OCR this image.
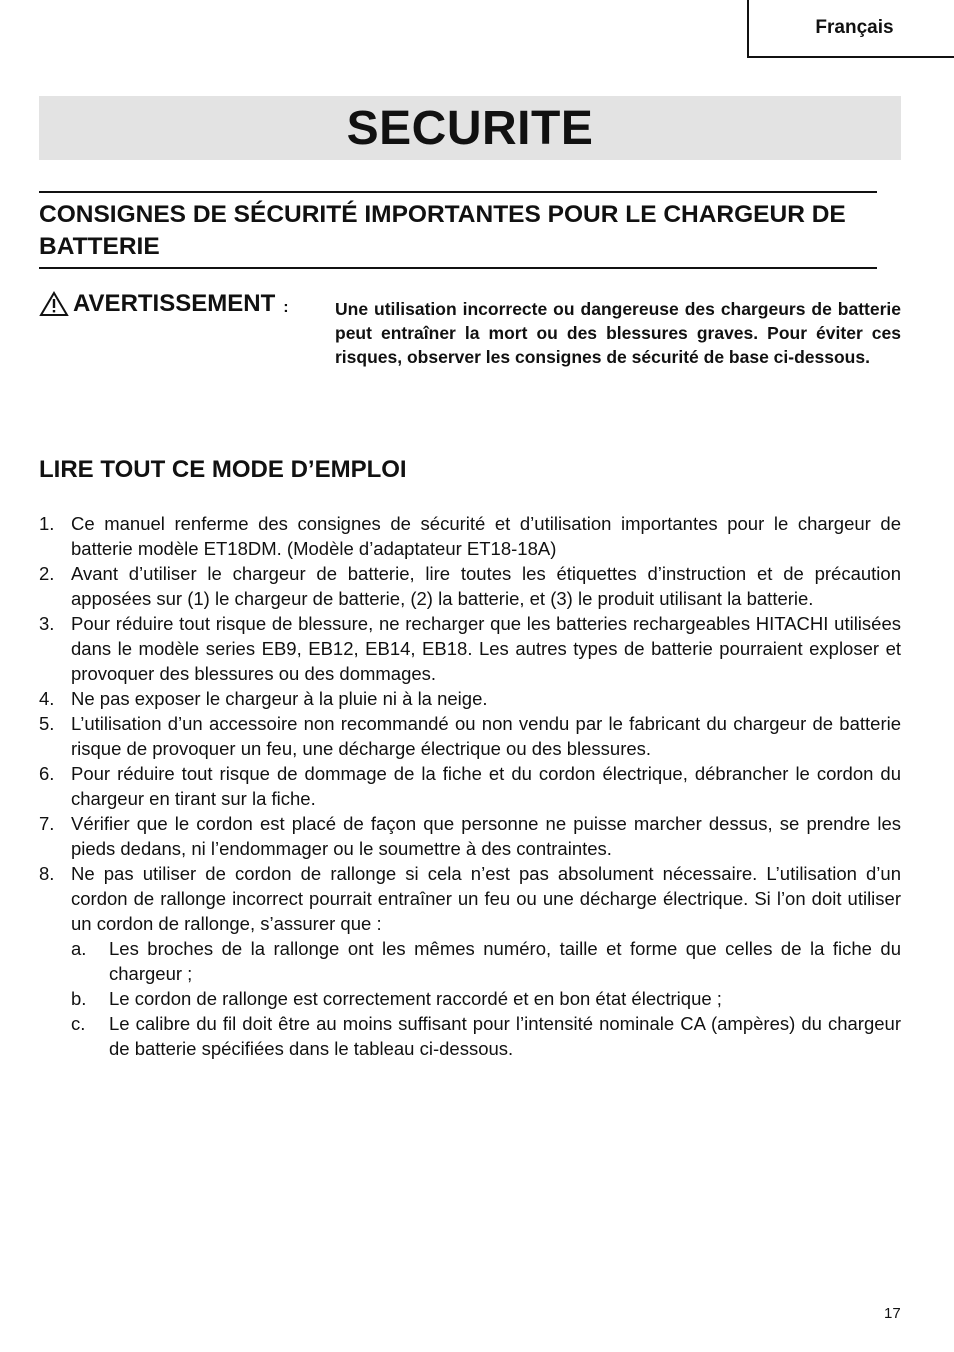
Français
SECURITE
CONSIGNES DE SÉCURITÉ IMPORTANTES POUR LE CHARGEUR DE BATTERIE
AVERTISSEMENT :	Une utilisation incorrecte ou dangereuse des chargeurs de batterie peut entraîner la mort ou des blessures graves. Pour éviter ces risques, observer les consignes de sécurité de base ci-dessous.

LIRE TOUT CE MODE D’EMPLOI
1. Ce manuel renferme des consignes de sécurité et d’utilisation importantes pour le chargeur de batterie modèle ET18DM. (Modèle d’adaptateur ET18-18A)
2. Avant d’utiliser le chargeur de batterie, lire toutes les étiquettes d’instruction et de précaution apposées sur (1) le chargeur de batterie, (2) la batterie, et (3) le produit utilisant la batterie.
3. Pour réduire tout risque de blessure, ne recharger que les batteries rechargeables HITACHI utilisées dans le modèle series EB9, EB12, EB14, EB18. Les autres types de batterie pourraient exploser et provoquer des blessures ou des dommages.
4. Ne pas exposer le chargeur à la pluie ni à la neige.
5. L’utilisation d’un accessoire non recommandé ou non vendu par le fabricant du chargeur de batterie risque de provoquer un feu, une décharge électrique ou des blessures.
6. Pour réduire tout risque de dommage de la fiche et du cordon électrique, débrancher le cordon du chargeur en tirant sur la fiche.
7. Vérifier que le cordon est placé de façon que personne ne puisse marcher dessus, se prendre les pieds dedans, ni l’endommager ou le soumettre à des contraintes.
8. Ne pas utiliser de cordon de rallonge si cela n’est pas absolument nécessaire. L’utilisation d’un cordon de rallonge incorrect pourrait entraîner un feu ou une décharge électrique. Si l’on doit utiliser un cordon de rallonge, s’assurer que :
a. Les broches de la rallonge ont les mêmes numéro, taille et forme que celles de la fiche du chargeur ;
b. Le cordon de rallonge est correctement raccordé et en bon état électrique ;
c. Le calibre du fil doit être au moins suffisant pour l’intensité nominale CA (ampères) du chargeur de batterie spécifiées dans le tableau ci-dessous.
17
